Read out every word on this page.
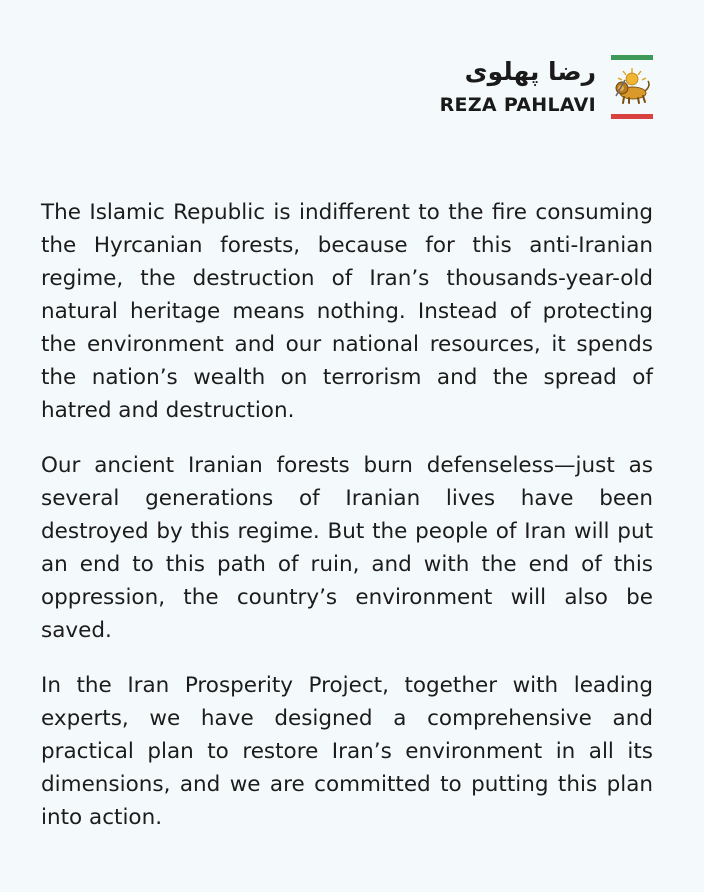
رضا پهلوی
REZA PAHLAVI

The Islamic Republic is indifferent to the fire consuming the Hyrcanian forests, because for this anti-Iranian regime, the destruction of Iran’s thousands-year-old natural heritage means nothing. Instead of protecting the environment and our national resources, it spends the nation’s wealth on terrorism and the spread of hatred and destruction.

Our ancient Iranian forests burn defenseless—just as several generations of Iranian lives have been destroyed by this regime. But the people of Iran will put an end to this path of ruin, and with the end of this oppression, the country’s environment will also be saved.

In the Iran Prosperity Project, together with leading experts, we have designed a comprehensive and practical plan to restore Iran’s environment in all its dimensions, and we are committed to putting this plan into action.
